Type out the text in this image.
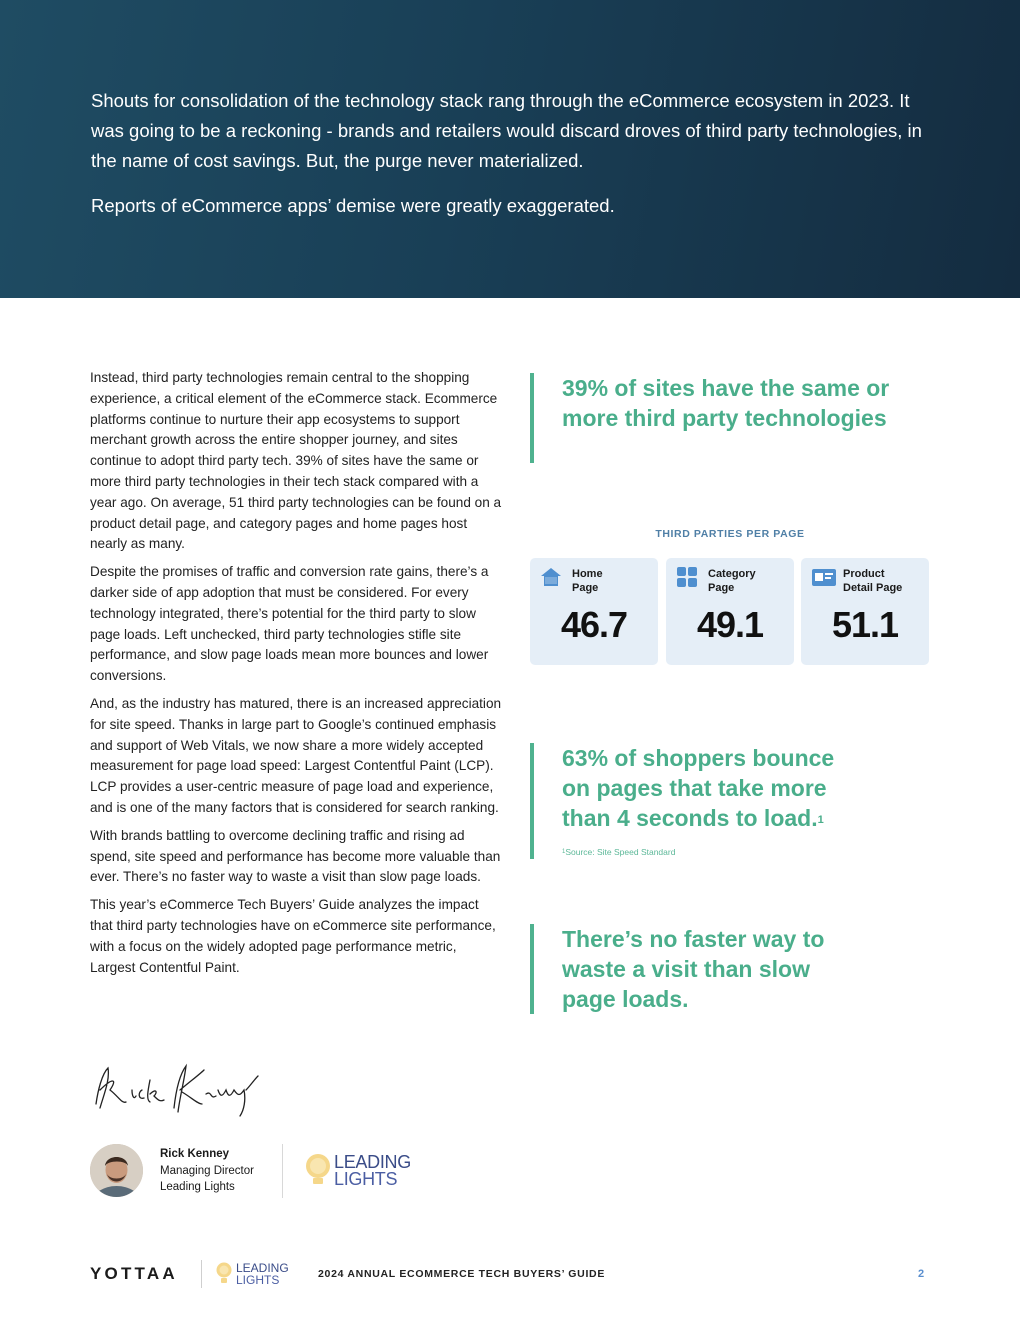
Shouts for consolidation of the technology stack rang through the eCommerce ecosystem in 2023. It was going to be a reckoning - brands and retailers would discard droves of third party technologies, in the name of cost savings. But, the purge never materialized.

Reports of eCommerce apps’ demise were greatly exaggerated.

Instead, third party technologies remain central to the shopping experience, a critical element of the eCommerce stack. Ecommerce platforms continue to nurture their app ecosystems to support merchant growth across the entire shopper journey, and sites continue to adopt third party tech. 39% of sites have the same or more third party technologies in their tech stack compared with a year ago. On average, 51 third party technologies can be found on a product detail page, and category pages and home pages host nearly as many.

Despite the promises of traffic and conversion rate gains, there’s a darker side of app adoption that must be considered. For every technology integrated, there’s potential for the third party to slow page loads. Left unchecked, third party technologies stifle site performance, and slow page loads mean more bounces and lower conversions.

And, as the industry has matured, there is an increased appreciation for site speed. Thanks in large part to Google’s continued emphasis and support of Web Vitals, we now share a more widely accepted measurement for page load speed: Largest Contentful Paint (LCP). LCP provides a user-centric measure of page load and experience, and is one of the many factors that is considered for search ranking.

With brands battling to overcome declining traffic and rising ad spend, site speed and performance has become more valuable than ever. There’s no faster way to waste a visit than slow page loads.

This year’s eCommerce Tech Buyers’ Guide analyzes the impact that third party technologies have on eCommerce site performance, with a focus on the widely adopted page performance metric, Largest Contentful Paint.

39% of sites have the same or more third party technologies
THIRD PARTIES PER PAGE
Home
Page
46.7
Category
Page
49.1
Product
Detail Page
51.1
63% of shoppers bounce on pages that take more than 4 seconds to load.$^1$
$^1$Source: Site Speed Standard
There’s no faster way to waste a visit than slow page loads.
Rick Kenney
Managing Director
Leading Lights
LEADING
LIGHTS
YOTTAA	LEADING
LIGHTS	2024 ANNUAL ECOMMERCE TECH BUYERS’ GUIDE	2
